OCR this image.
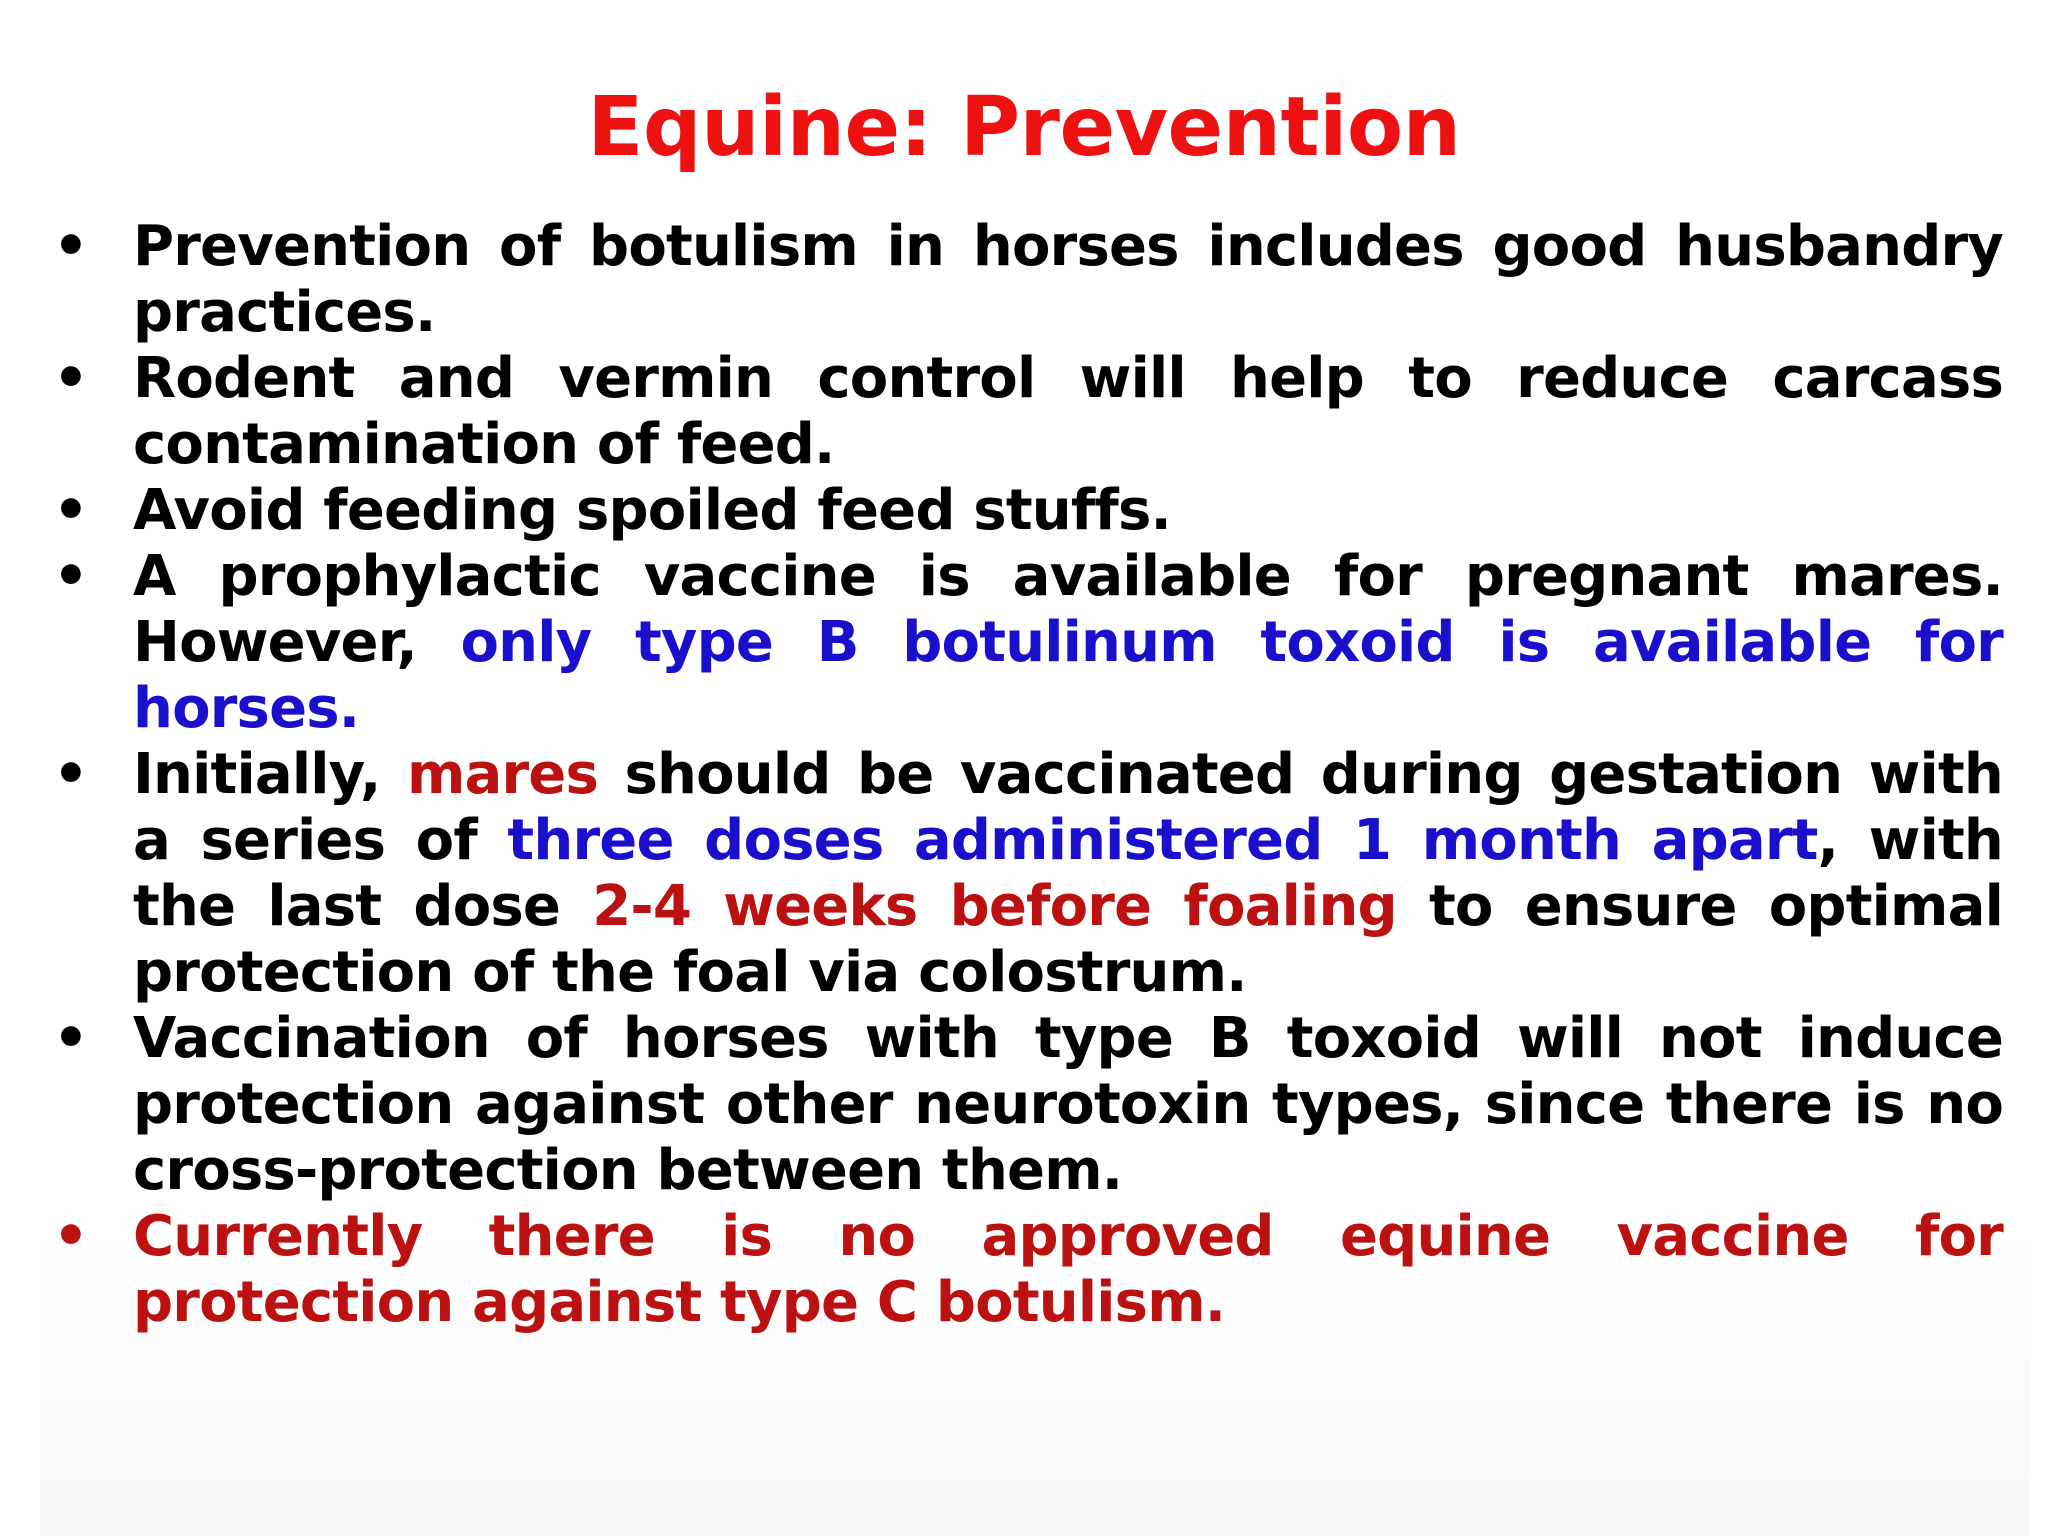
Equine: Prevention
• Prevention of botulism in horses includes good husbandry practices.
• Rodent and vermin control will help to reduce carcass contamination of feed.
• Avoid feeding spoiled feed stuffs.
• A prophylactic vaccine is available for pregnant mares. However, only type B botulinum toxoid is available for horses.
• Initially, mares should be vaccinated during gestation with a series of three doses administered 1 month apart, with the last dose 2-4 weeks before foaling to ensure optimal protection of the foal via colostrum.
• Vaccination of horses with type B toxoid will not induce protection against other neurotoxin types, since there is no cross-protection between them.
• Currently there is no approved equine vaccine for protection against type C botulism.
